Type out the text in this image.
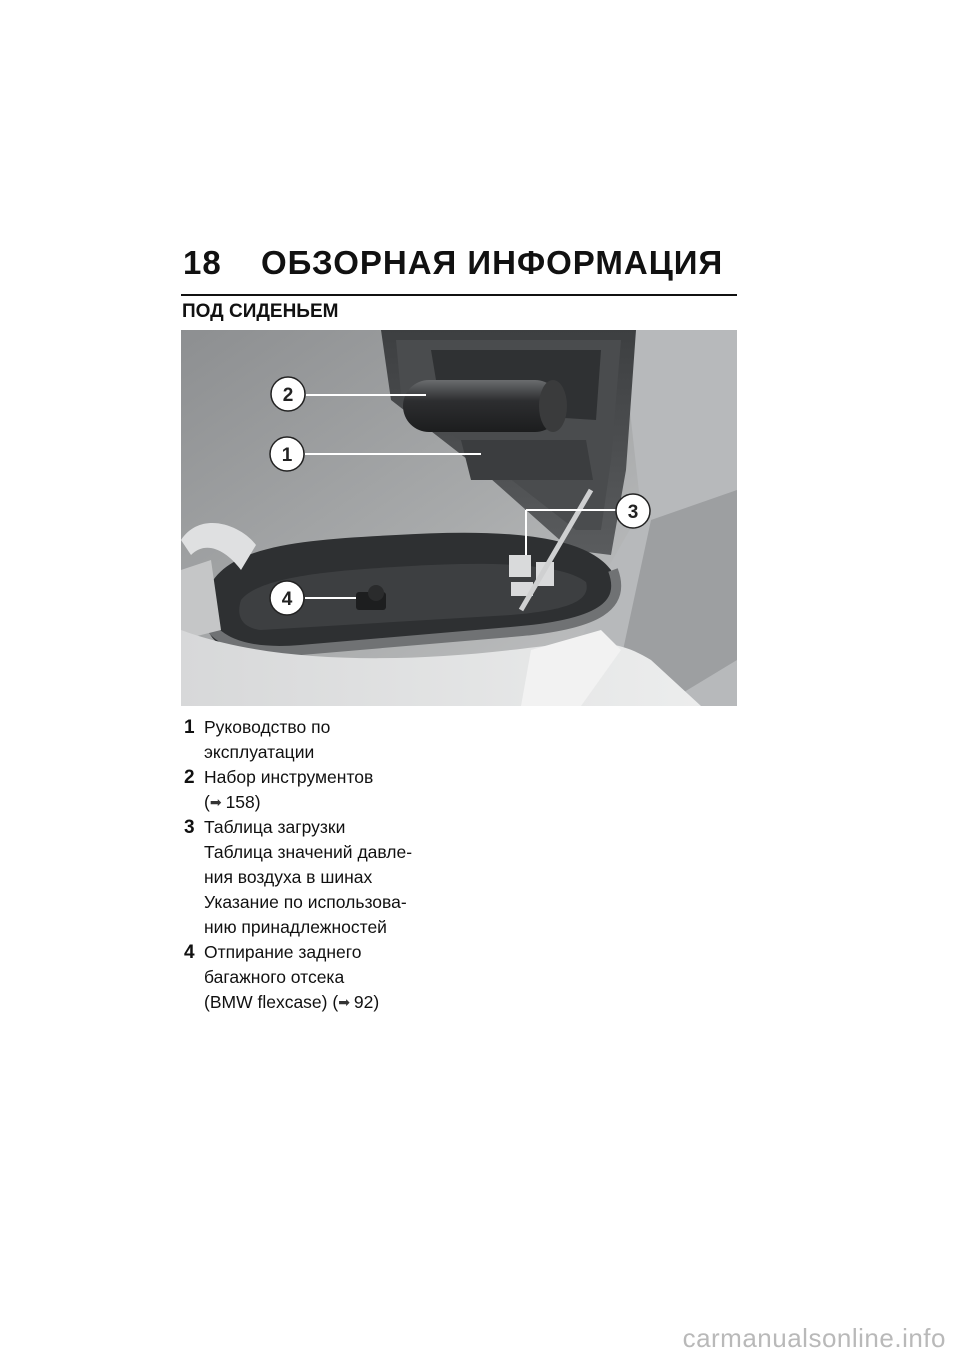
18 ОБЗОРНАЯ ИНФОРМАЦИЯ
ПОД СИДЕНЬЕМ
2
1
3
4
1 Руководство по
эксплуатации
2 Набор инструментов
(➡ 158)
3 Таблица загрузки
Таблица значений давле-
ния воздуха в шинах
Указание по использова-
нию принадлежностей
4 Отпирание заднего
багажного отсека
(BMW flexcase) (➡ 92)
carmanualsonline.info
